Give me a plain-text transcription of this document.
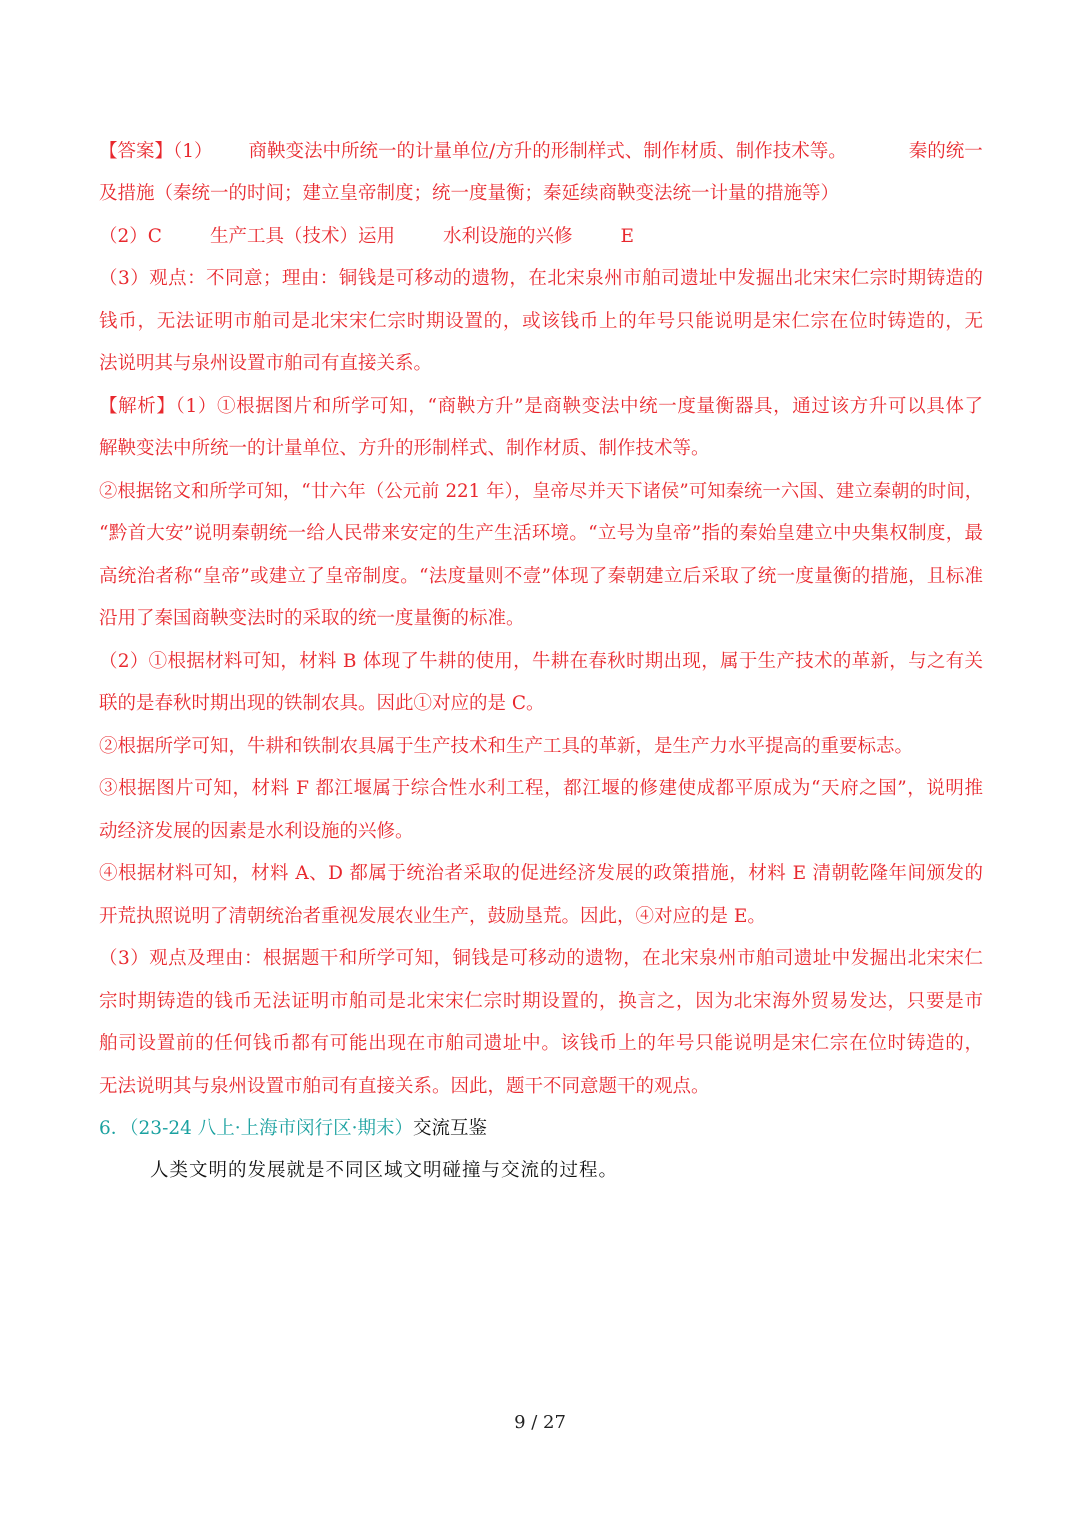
【答案】（1） 商鞅变法中所统一的计量单位/方升的形制样式、制作材质、制作技术等。	秦的统一
及措施（秦统一的时间；建立皇帝制度；统一度量衡；秦延续商鞅变法统一计量的措施等）
（2）C	生产工具（技术）运用	水利设施的兴修	E
（3）观点：不同意；理由：铜钱是可移动的遗物，在北宋泉州市舶司遗址中发掘出北宋宋仁宗时期铸造的
钱币，无法证明市舶司是北宋宋仁宗时期设置的，或该钱币上的年号只能说明是宋仁宗在位时铸造的，无
法说明其与泉州设置市舶司有直接关系。
【解析】（1）①根据图片和所学可知，“商鞅方升”是商鞅变法中统一度量衡器具，通过该方升可以具体了
解鞅变法中所统一的计量单位、方升的形制样式、制作材质、制作技术等。
②根据铭文和所学可知，“廿六年（公元前 221 年），皇帝尽并天下诸侯”可知秦统一六国、建立秦朝的时间，
“黔首大安”说明秦朝统一给人民带来安定的生产生活环境。“立号为皇帝”指的秦始皇建立中央集权制度，最
高统治者称“皇帝”或建立了皇帝制度。“法度量则不壹”体现了秦朝建立后采取了统一度量衡的措施，且标准
沿用了秦国商鞅变法时的采取的统一度量衡的标准。
（2）①根据材料可知，材料 B 体现了牛耕的使用，牛耕在春秋时期出现，属于生产技术的革新，与之有关
联的是春秋时期出现的铁制农具。因此①对应的是 C。
②根据所学可知，牛耕和铁制农具属于生产技术和生产工具的革新，是生产力水平提高的重要标志。
③根据图片可知，材料 F 都江堰属于综合性水利工程，都江堰的修建使成都平原成为“天府之国”，说明推
动经济发展的因素是水利设施的兴修。
④根据材料可知，材料 A、D 都属于统治者采取的促进经济发展的政策措施，材料 E 清朝乾隆年间颁发的
开荒执照说明了清朝统治者重视发展农业生产，鼓励垦荒。因此，④对应的是 E。
（3）观点及理由：根据题干和所学可知，铜钱是可移动的遗物，在北宋泉州市舶司遗址中发掘出北宋宋仁
宗时期铸造的钱币无法证明市舶司是北宋宋仁宗时期设置的，换言之，因为北宋海外贸易发达，只要是市
舶司设置前的任何钱币都有可能出现在市舶司遗址中。该钱币上的年号只能说明是宋仁宗在位时铸造的，
无法说明其与泉州设置市舶司有直接关系。因此，题干不同意题干的观点。
6．（23-24 八上·上海市闵行区·期末）交流互鉴
人类文明的发展就是不同区域文明碰撞与交流的过程。
9 / 27
